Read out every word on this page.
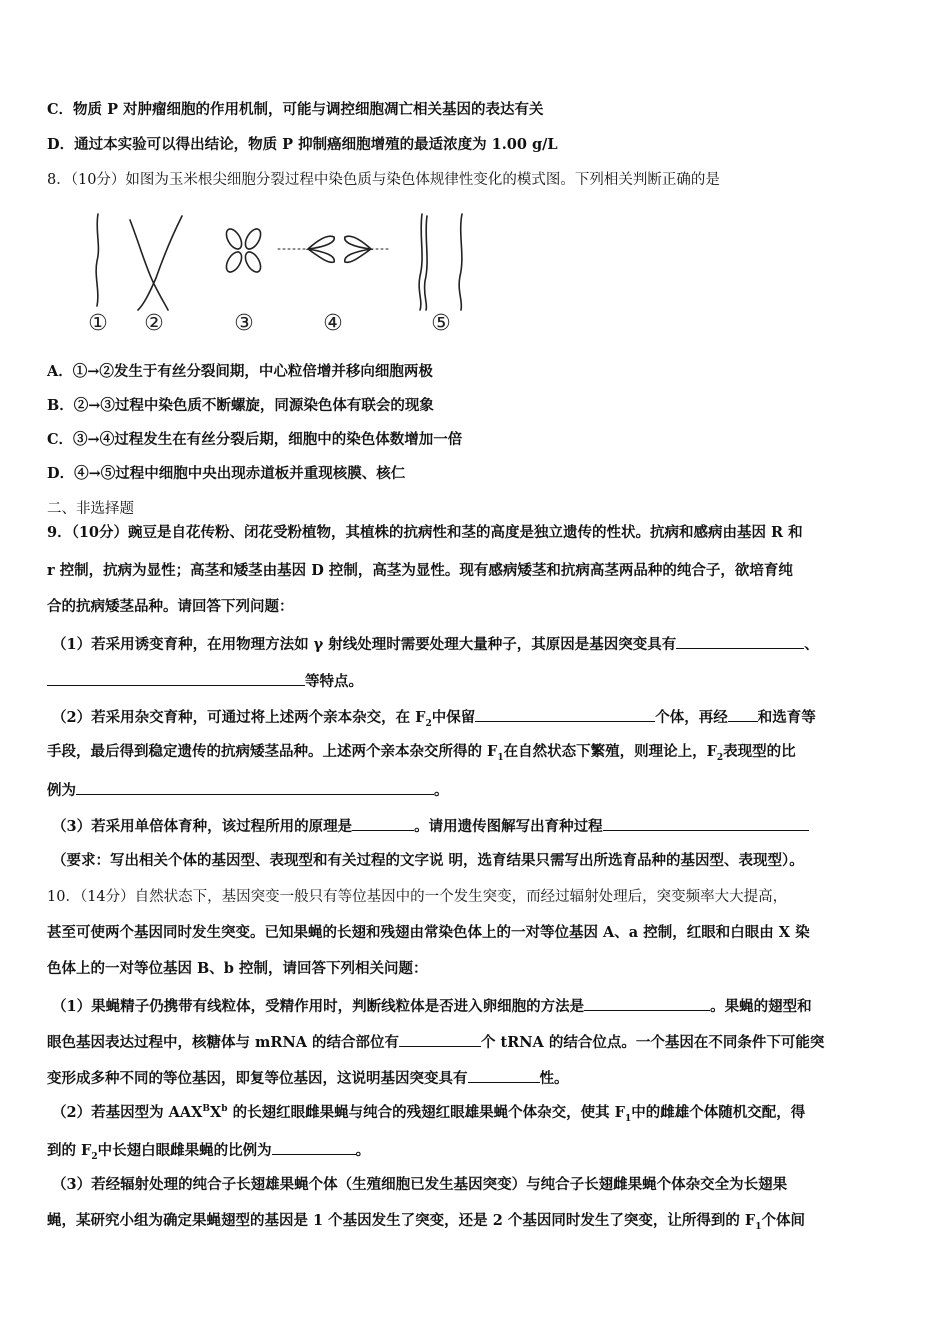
C．物质 P 对肿瘤细胞的作用机制，可能与调控细胞凋亡相关基因的表达有关
D．通过本实验可以得出结论，物质 P 抑制癌细胞增殖的最适浓度为 1.00 g/L
8．（10分）如图为玉米根尖细胞分裂过程中染色质与染色体规律性变化的模式图。下列相关判断正确的是
① ②	③	④	⑤
A．①→②发生于有丝分裂间期，中心粒倍增并移向细胞两极
B．②→③过程中染色质不断螺旋，同源染色体有联会的现象
C．③→④过程发生在有丝分裂后期，细胞中的染色体数增加一倍
D．④→⑤过程中细胞中央出现赤道板并重现核膜、核仁
二、非选择题
9．（10分）豌豆是自花传粉、闭花受粉植物，其植株的抗病性和茎的高度是独立遗传的性状。抗病和感病由基因 R 和
r 控制，抗病为显性；高茎和矮茎由基因 D 控制，高茎为显性。现有感病矮茎和抗病高茎两品种的纯合子，欲培育纯
合的抗病矮茎品种。请回答下列问题：
（1）若采用诱变育种，在用物理方法如 γ 射线处理时需要处理大量种子，其原因是基因突变具有	、
等特点。
（2）若采用杂交育种，可通过将上述两个亲本杂交，在 $F_2$中保留	个体，再经 和选育等
手段，最后得到稳定遗传的抗病矮茎品种。上述两个亲本杂交所得的 $F_1$在自然状态下繁殖，则理论上，$F_2$表现型的比
例为	。
（3）若采用单倍体育种，该过程所用的原理是	。请用遗传图解写出育种过程
（要求：写出相关个体的基因型、表现型和有关过程的文字说 明，选育结果只需写出所选育品种的基因型、表现型）。
10．（14分）自然状态下，基因突变一般只有等位基因中的一个发生突变，而经过辐射处理后，突变频率大大提高，
甚至可使两个基因同时发生突变。已知果蝇的长翅和残翅由常染色体上的一对等位基因 A、a 控制，红眼和白眼由 X 染
色体上的一对等位基因 B、b 控制，请回答下列相关问题：
（1）果蝇精子仍携带有线粒体，受精作用时，判断线粒体是否进入卵细胞的方法是	。果蝇的翅型和
眼色基因表达过程中，核糖体与 mRNA 的结合部位有	个 tRNA 的结合位点。一个基因在不同条件下可能突
变形成多种不同的等位基因，即复等位基因，这说明基因突变具有	性。
（2）若基因型为 $AAX^BX^b$ 的长翅红眼雌果蝇与纯合的残翅红眼雄果蝇个体杂交，使其 $F_1$中的雌雄个体随机交配，得
到的 $F_2$中长翅白眼雌果蝇的比例为	。
（3）若经辐射处理的纯合子长翅雄果蝇个体（生殖细胞已发生基因突变）与纯合子长翅雌果蝇个体杂交全为长翅果
蝇，某研究小组为确定果蝇翅型的基因是 1 个基因发生了突变，还是 2 个基因同时发生了突变，让所得到的 $F_1$个体间
